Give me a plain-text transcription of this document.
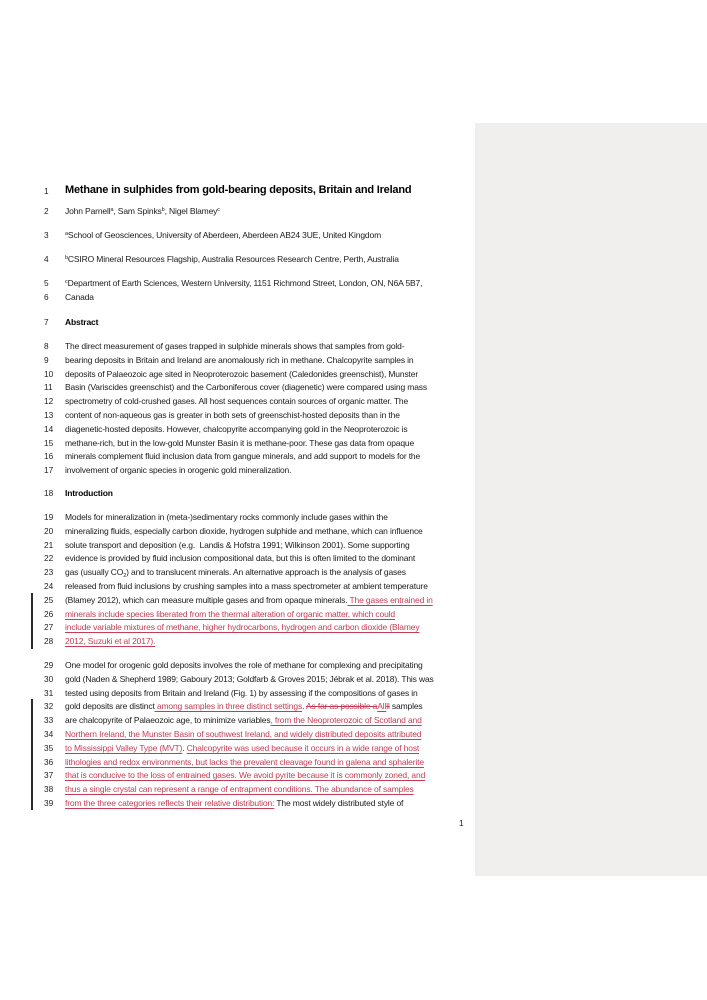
1 Methane in sulphides from gold-bearing deposits, Britain and Ireland
2 John Parnell$^a$, Sam Spinks$^b$, Nigel Blamey$^c$
3	$^a$School of Geosciences, University of Aberdeen, Aberdeen AB24 3UE, United Kingdom
4	$^b$CSIRO Mineral Resources Flagship, Australia Resources Research Centre, Perth, Australia
5	$^c$Department of Earth Sciences, Western University, 1151 Richmond Street, London, ON, N6A 5B7,
6 Canada
7 Abstract
8 The direct measurement of gases trapped in sulphide minerals shows that samples from gold-
9 bearing deposits in Britain and Ireland are anomalously rich in methane. Chalcopyrite samples in
10 deposits of Palaeozoic age sited in Neoproterozoic basement (Caledonides greenschist), Munster
11 Basin (Variscides greenschist) and the Carboniferous cover (diagenetic) were compared using mass
12 spectrometry of cold-crushed gases. All host sequences contain sources of organic matter. The
13 content of non-aqueous gas is greater in both sets of greenschist-hosted deposits than in the
14 diagenetic-hosted deposits. However, chalcopyrite accompanying gold in the Neoproterozoic is
15 methane-rich, but in the low-gold Munster Basin it is methane-poor. These gas data from opaque
16 minerals complement fluid inclusion data from gangue minerals, and add support to models for the
17 involvement of organic species in orogenic gold mineralization.
18 Introduction
19 Models for mineralization in (meta-)sedimentary rocks commonly include gases within the
20 mineralizing fluids, especially carbon dioxide, hydrogen sulphide and methane, which can influence
21 solute transport and deposition (e.g.  Landis & Hofstra 1991; Wilkinson 2001). Some supporting
22 evidence is provided by fluid inclusion compositional data, but this is often limited to the dominant
23 gas (usually CO2) and to translucent minerals. An alternative approach is the analysis of gases
24 released from fluid inclusions by crushing samples into a mass spectrometer at ambient temperature
25 (Blamey 2012), which can measure multiple gases and from opaque minerals. The gases entrained in
26 minerals include species liberated from the thermal alteration of organic matter, which could
27 include variable mixtures of methane, higher hydrocarbons, hydrogen and carbon dioxide (Blamey
28 2012, Suzuki et al 2017).
29 One model for orogenic gold deposits involves the role of methane for complexing and precipitating
30 gold (Naden & Shepherd 1989; Gaboury 2013; Goldfarb & Groves 2015; Jébrak et al. 2018). This was
31 tested using deposits from Britain and Ireland (Fig. 1) by assessing if the compositions of gases in
32 gold deposits are distinct among samples in three distinct settings. As far as possible aAllll samples
33 are chalcopyrite of Palaeozoic age, to minimize variables, from the Neoproterozoic of Scotland and
34 Northern Ireland, the Munster Basin of southwest Ireland, and widely distributed deposits attributed
35 to Mississippi Valley Type (MVT). Chalcopyrite was used because it occurs in a wide range of host
36 lithologies and redox environments, but lacks the prevalent cleavage found in galena and sphalerite
37 that is conducive to the loss of entrained gases. We avoid pyrite because it is commonly zoned, and
38 thus a single crystal can represent a range of entrapment conditions. The abundance of samples
39 from the three categories reflects their relative distribution: The most widely distributed style of
1
